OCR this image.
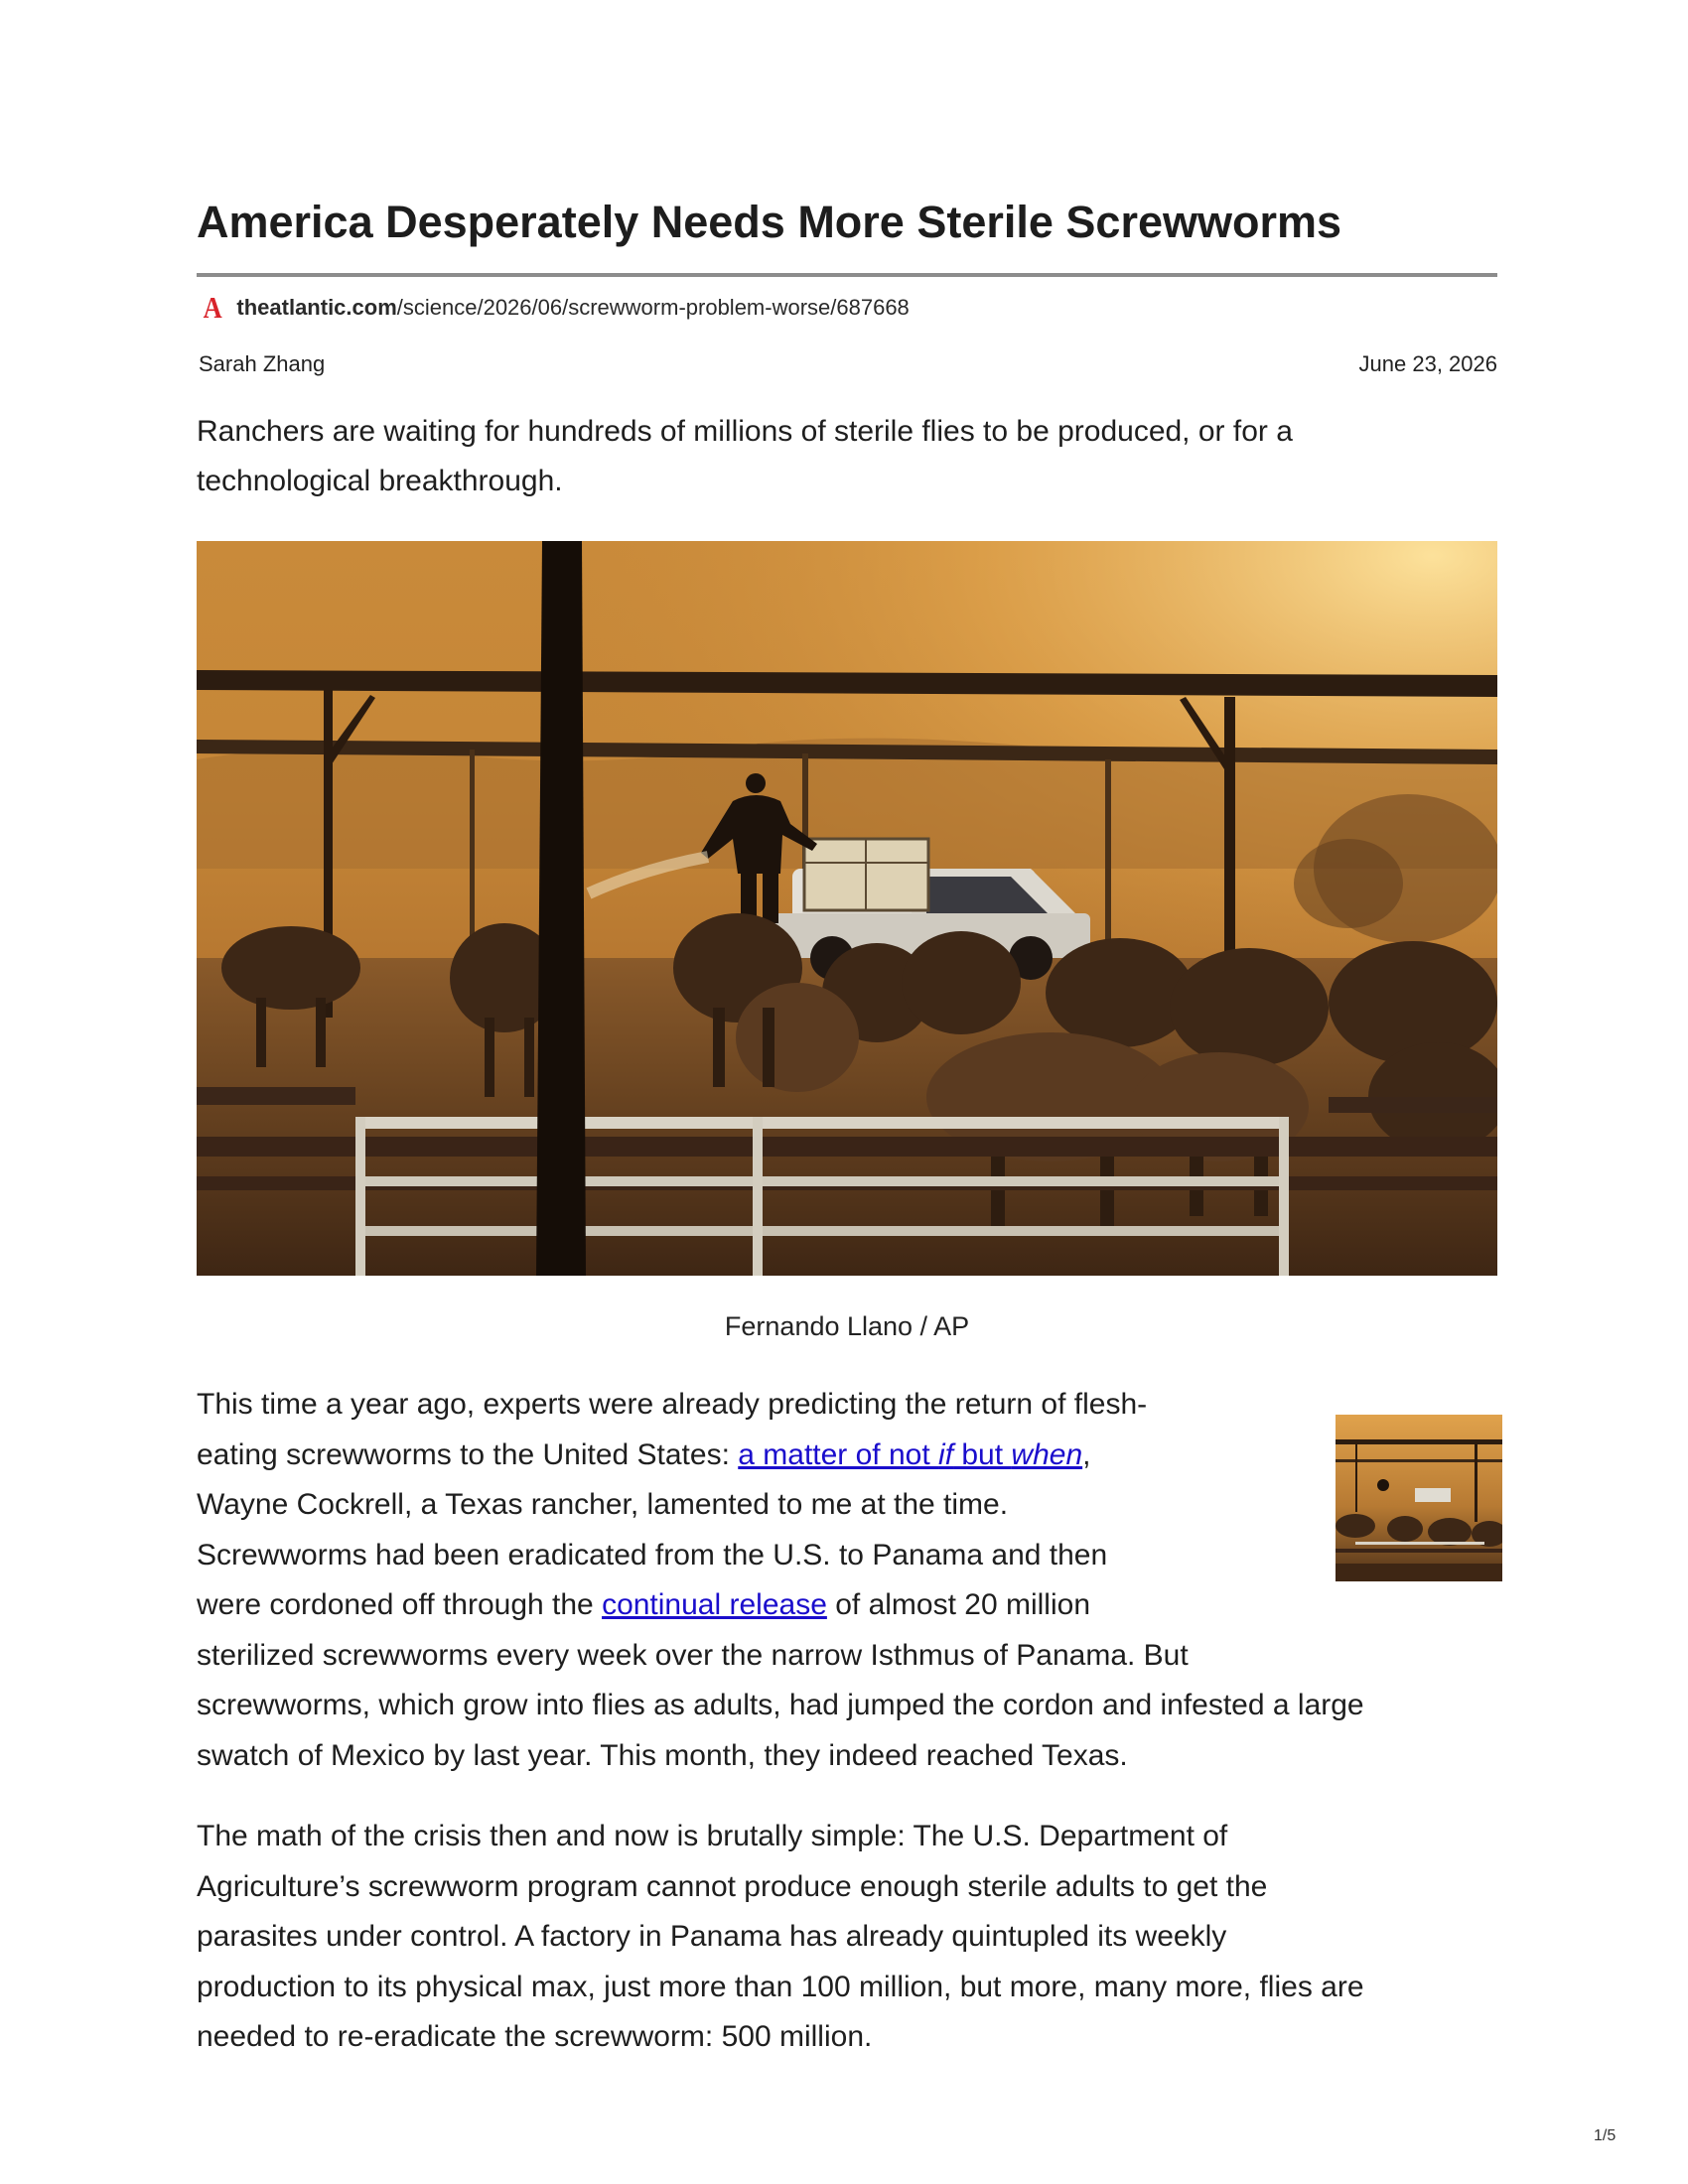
America Desperately Needs More Sterile Screwworms
A theatlantic.com /science/2026/06/screwworm-problem-worse/687668
Sarah Zhang	June 23, 2026

Ranchers are waiting for hundreds of millions of sterile flies to be produced, or for a
technological breakthrough.

Fernando Llano / AP
This time a year ago, experts were already predicting the return of flesh-
eating screwworms to the United States: a matter of not if but when,
Wayne Cockrell, a Texas rancher, lamented to me at the time.
Screwworms had been eradicated from the U.S. to Panama and then
were cordoned off through the continual release of almost 20 million
sterilized screwworms every week over the narrow Isthmus of Panama. But
screwworms, which grow into flies as adults, had jumped the cordon and infested a large
swatch of Mexico by last year. This month, they indeed reached Texas.
The math of the crisis then and now is brutally simple: The U.S. Department of
Agriculture’s screwworm program cannot produce enough sterile adults to get the
parasites under control. A factory in Panama has already quintupled its weekly
production to its physical max, just more than 100 million, but more, many more, flies are
needed to re-eradicate the screwworm: 500 million.
1/5
